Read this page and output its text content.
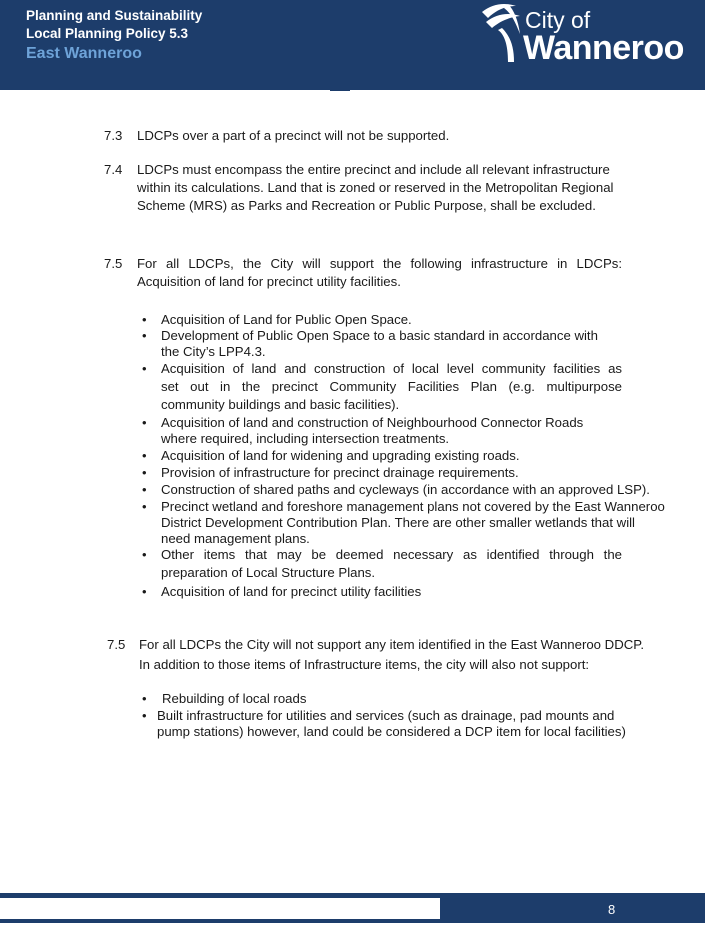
Planning and Sustainability
Local Planning Policy 5.3
East Wanneroo
City of
Wanneroo
7.3 LDCPs over a part of a precinct will not be supported.
7.4 LDCPs must encompass the entire precinct and include all relevant infrastructure
within its calculations. Land that is zoned or reserved in the Metropolitan Regional
Scheme (MRS) as Parks and Recreation or Public Purpose, shall be excluded.
7.5 For all LDCPs, the City will support the following infrastructure in LDCPs:
Acquisition of land for precinct utility facilities.
• Acquisition of Land for Public Open Space.
• Development of Public Open Space to a basic standard in accordance with
the City’s LPP4.3.
• Acquisition of land and construction of local level community facilities as
set out in the precinct Community Facilities Plan (e.g. multipurpose
community buildings and basic facilities).
• Acquisition of land and construction of Neighbourhood Connector Roads
where required, including intersection treatments.
• Acquisition of land for widening and upgrading existing roads.
• Provision of infrastructure for precinct drainage requirements.
• Construction of shared paths and cycleways (in accordance with an approved LSP).
• Precinct wetland and foreshore management plans not covered by the East Wanneroo
District Development Contribution Plan. There are other smaller wetlands that will
need management plans.
• Other items that may be deemed necessary as identified through the
preparation of Local Structure Plans.
• Acquisition of land for precinct utility facilities
7.5 For all LDCPs the City will not support any item identified in the East Wanneroo DDCP.
In addition to those items of Infrastructure items, the city will also not support:
• Rebuilding of local roads
• Built infrastructure for utilities and services (such as drainage, pad mounts and
pump stations) however, land could be considered a DCP item for local facilities)
8
